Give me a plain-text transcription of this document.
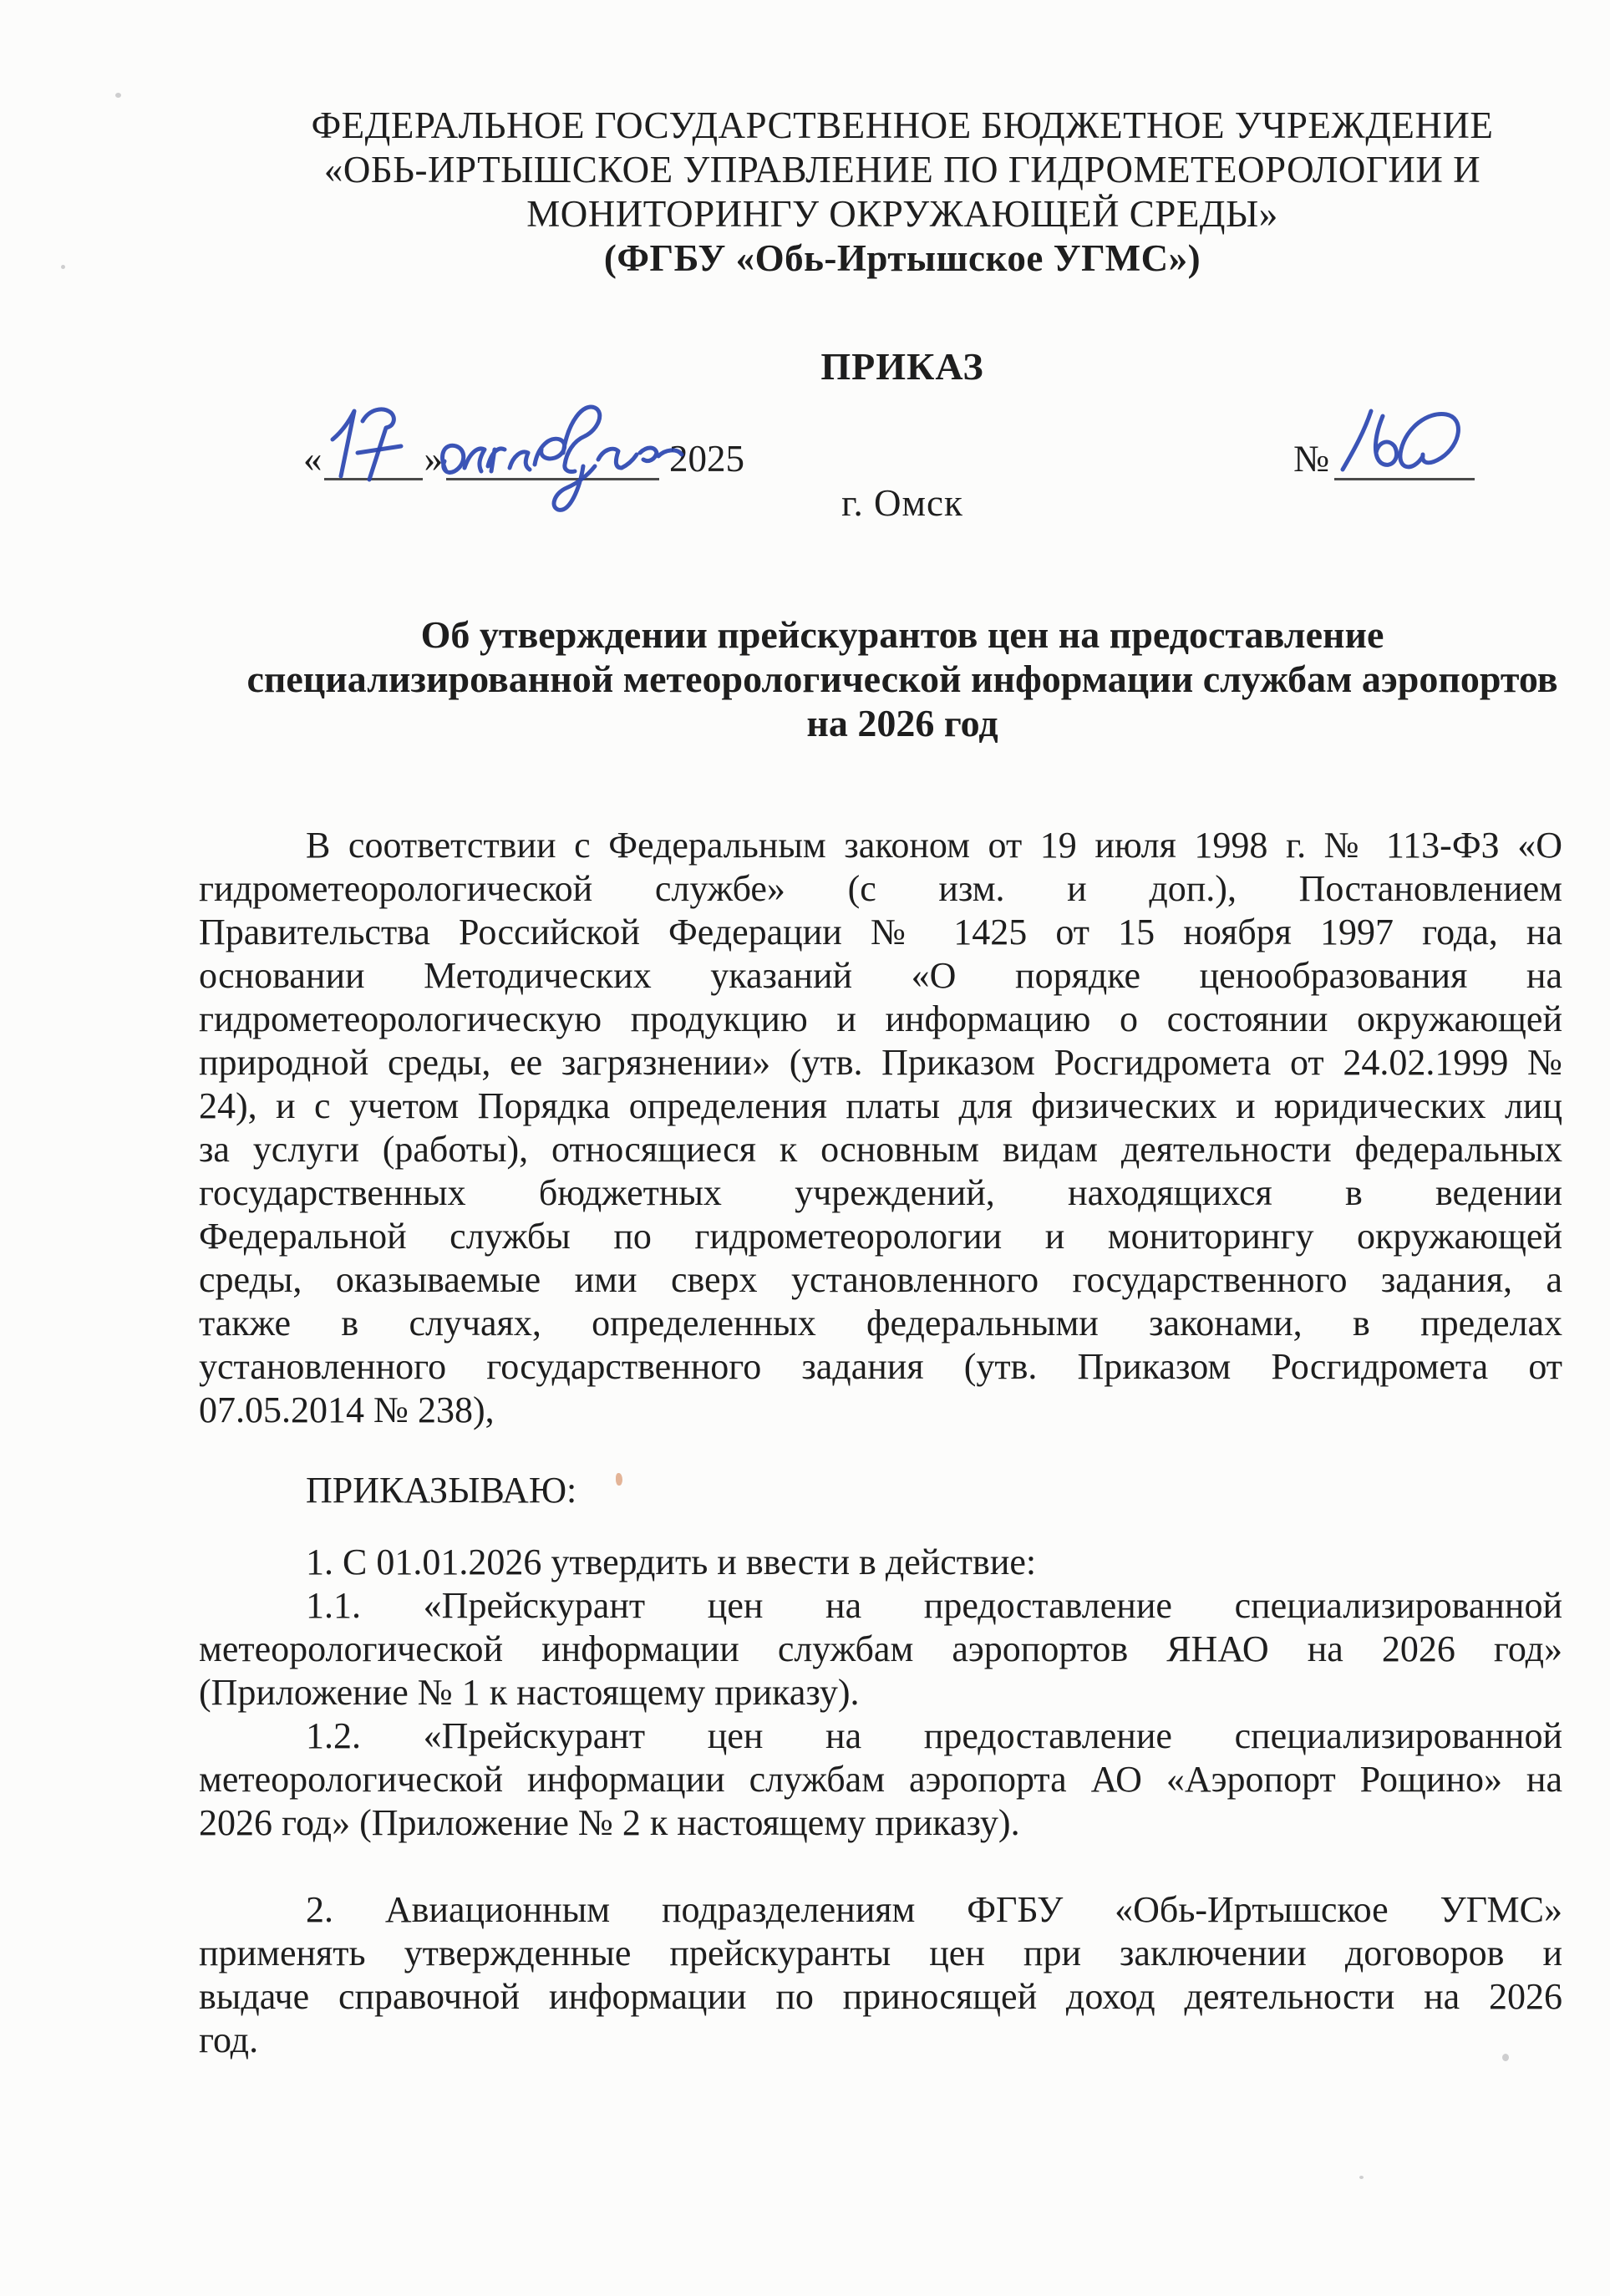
ФЕДЕРАЛЬНОЕ ГОСУДАРСТВЕННОЕ БЮДЖЕТНОЕ УЧРЕЖДЕНИЕ
«ОБЬ-ИРТЫШСКОЕ УПРАВЛЕНИЕ ПО ГИДРОМЕТЕОРОЛОГИИ И
МОНИТОРИНГУ ОКРУЖАЮЩЕЙ СРЕДЫ»
(ФГБУ «Обь-Иртышское УГМС»)
ПРИКАЗ
«	»	2025	№
г. Омск
Об утверждении прейскурантов цен на предоставление
специализированной метеорологической информации службам аэропортов
на 2026 год
В соответствии с Федеральным законом от 19 июля 1998 г. № 113-ФЗ «О
гидрометеорологической службе» (с изм. и доп.), Постановлением
Правительства Российской Федерации № 1425 от 15 ноября 1997 года, на
основании Методических указаний «О порядке ценообразования на
гидрометеорологическую продукцию и информацию о состоянии окружающей
природной среды, ее загрязнении» (утв. Приказом Росгидромета от 24.02.1999 №
24), и с учетом Порядка определения платы для физических и юридических лиц
за услуги (работы), относящиеся к основным видам деятельности федеральных
государственных бюджетных учреждений, находящихся в ведении
Федеральной службы по гидрометеорологии и мониторингу окружающей
среды, оказываемые ими сверх установленного государственного задания, а
также в случаях, определенных федеральными законами, в пределах
установленного государственного задания (утв. Приказом Росгидромета от
07.05.2014 № 238),
ПРИКАЗЫВАЮ:
1. С 01.01.2026 утвердить и ввести в действие:
1.1. «Прейскурант цен на предоставление специализированной
метеорологической информации службам аэропортов ЯНАО на 2026 год»
(Приложение № 1 к настоящему приказу).
1.2. «Прейскурант цен на предоставление специализированной
метеорологической информации службам аэропорта АО «Аэропорт Рощино» на
2026 год» (Приложение № 2 к настоящему приказу).
2. Авиационным подразделениям ФГБУ «Обь-Иртышское УГМС»
применять утвержденные прейскуранты цен при заключении договоров и
выдаче справочной информации по приносящей доход деятельности на 2026
год.
